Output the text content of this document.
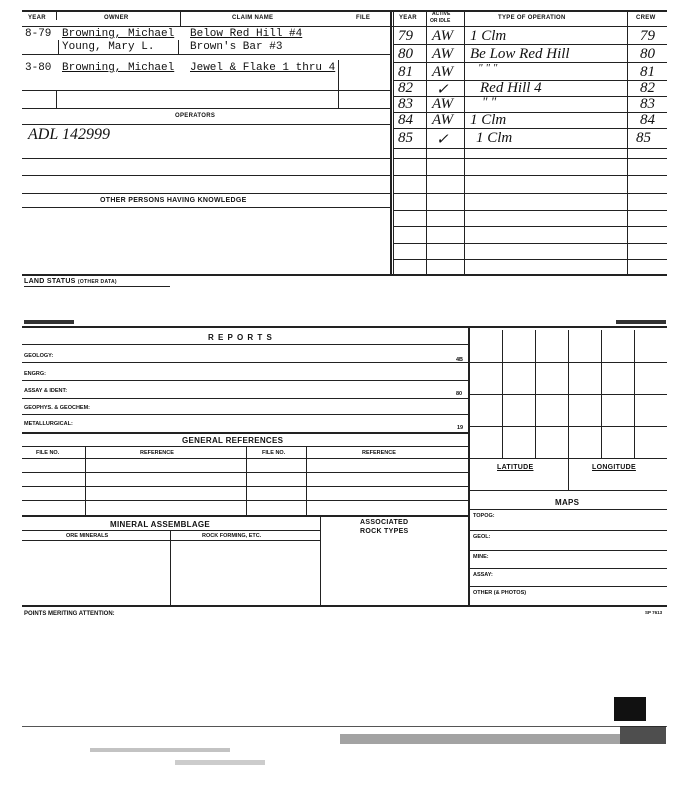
YEAR	OWNER	CLAIM NAME	FILE
8-79 Browning, Michael Below Red Hill #4
Young, Mary L.	Brown's Bar #3
3-80 Browning, Michael Jewel & Flake 1 thru 4
OPERATORS
ADL 142999
OTHER PERSONS HAVING KNOWLEDGE
YEAR
ACTIVE
OR IDLE	TYPE OF OPERATION	CREW
79 AW 1 Clm	79
80 AW Be Low Red Hill	80
81 AW " " "	81
82 ✓ Red Hill 4	82
83 AW " "	83
84 AW 1 Clm	84
85 ✓ 1 Clm	85
LAND STATUS (OTHER DATA)
R E P O R T S
GEOLOGY:
4B
ENGRG:
ASSAY & IDENT:	80
GEOPHYS. & GEOCHEM:
METALLURGICAL:
19
GENERAL REFERENCES
FILE NO.	REFERENCE	FILE NO.	REFERENCE
MINERAL ASSEMBLAGE	ASSOCIATED
ROCK TYPES
ORE MINERALS	ROCK FORMING, ETC.
LATITUDE	LONGITUDE
MAPS
TOPOG:
GEOL:
MINE:
ASSAY:
OTHER (& PHOTOS)
POINTS MERITING ATTENTION:	SP 7613
